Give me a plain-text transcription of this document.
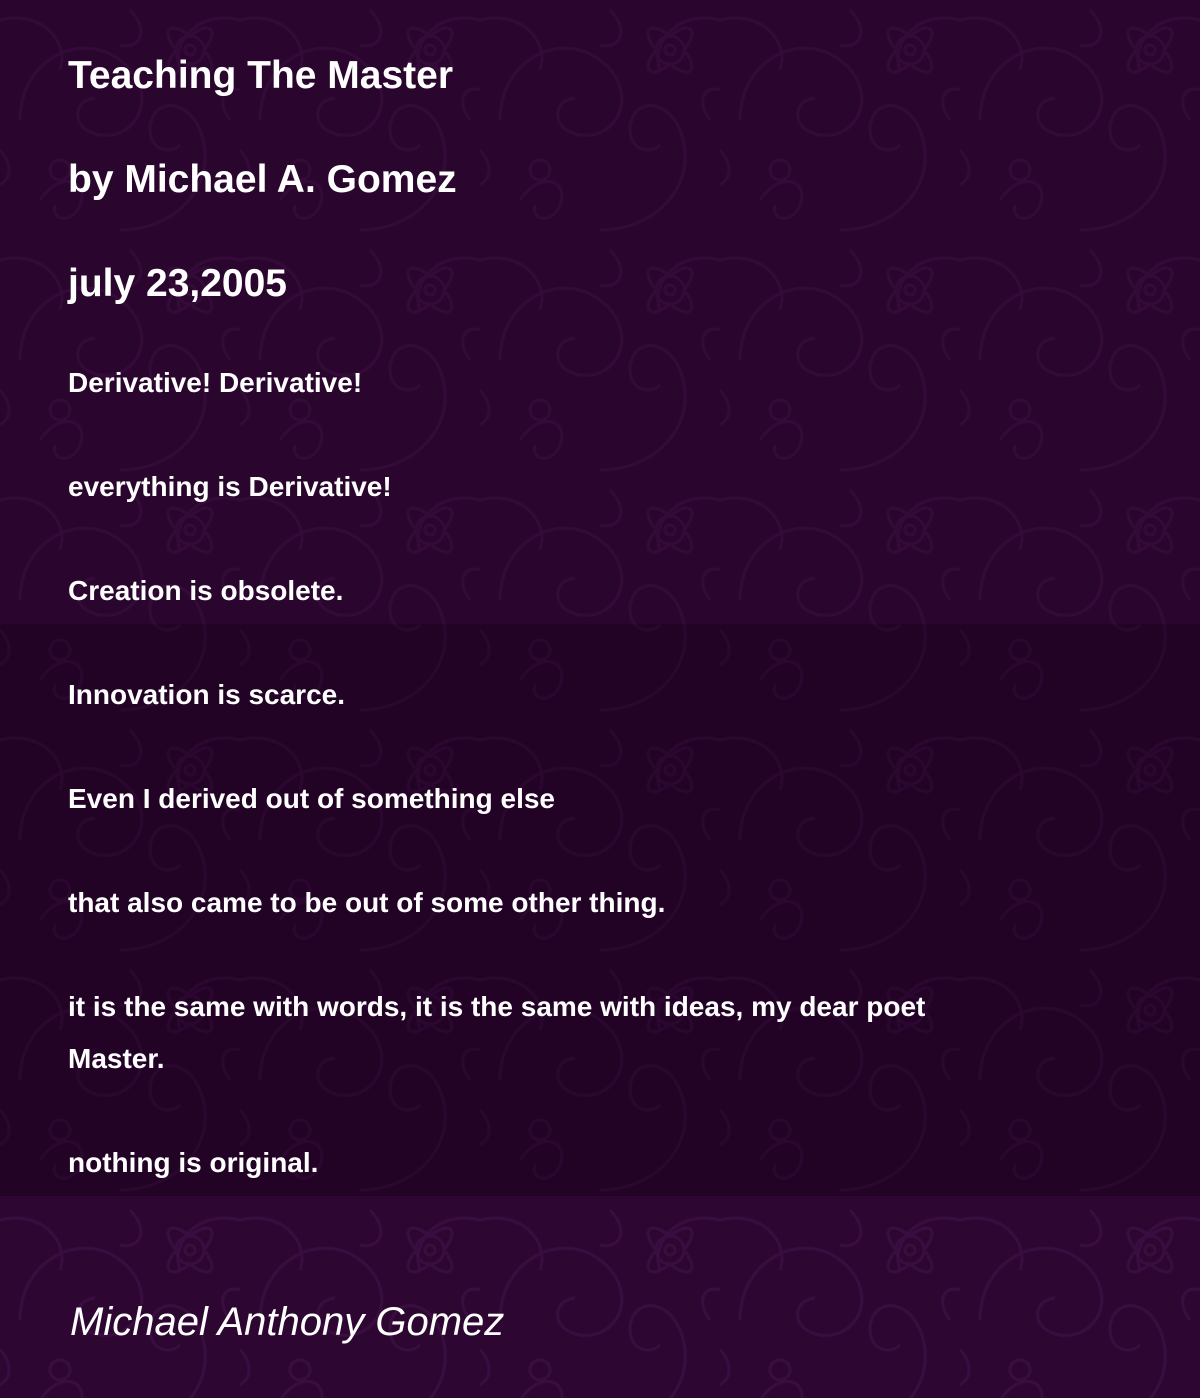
Teaching The Master
by Michael A. Gomez
july 23,2005
Derivative! Derivative!
everything is Derivative!
Creation is obsolete.
Innovation is scarce.
Even I derived out of something else
that also came to be out of some other thing.
it is the same with words, it is the same with ideas, my dear poet Master.
nothing is original.
Michael Anthony Gomez
